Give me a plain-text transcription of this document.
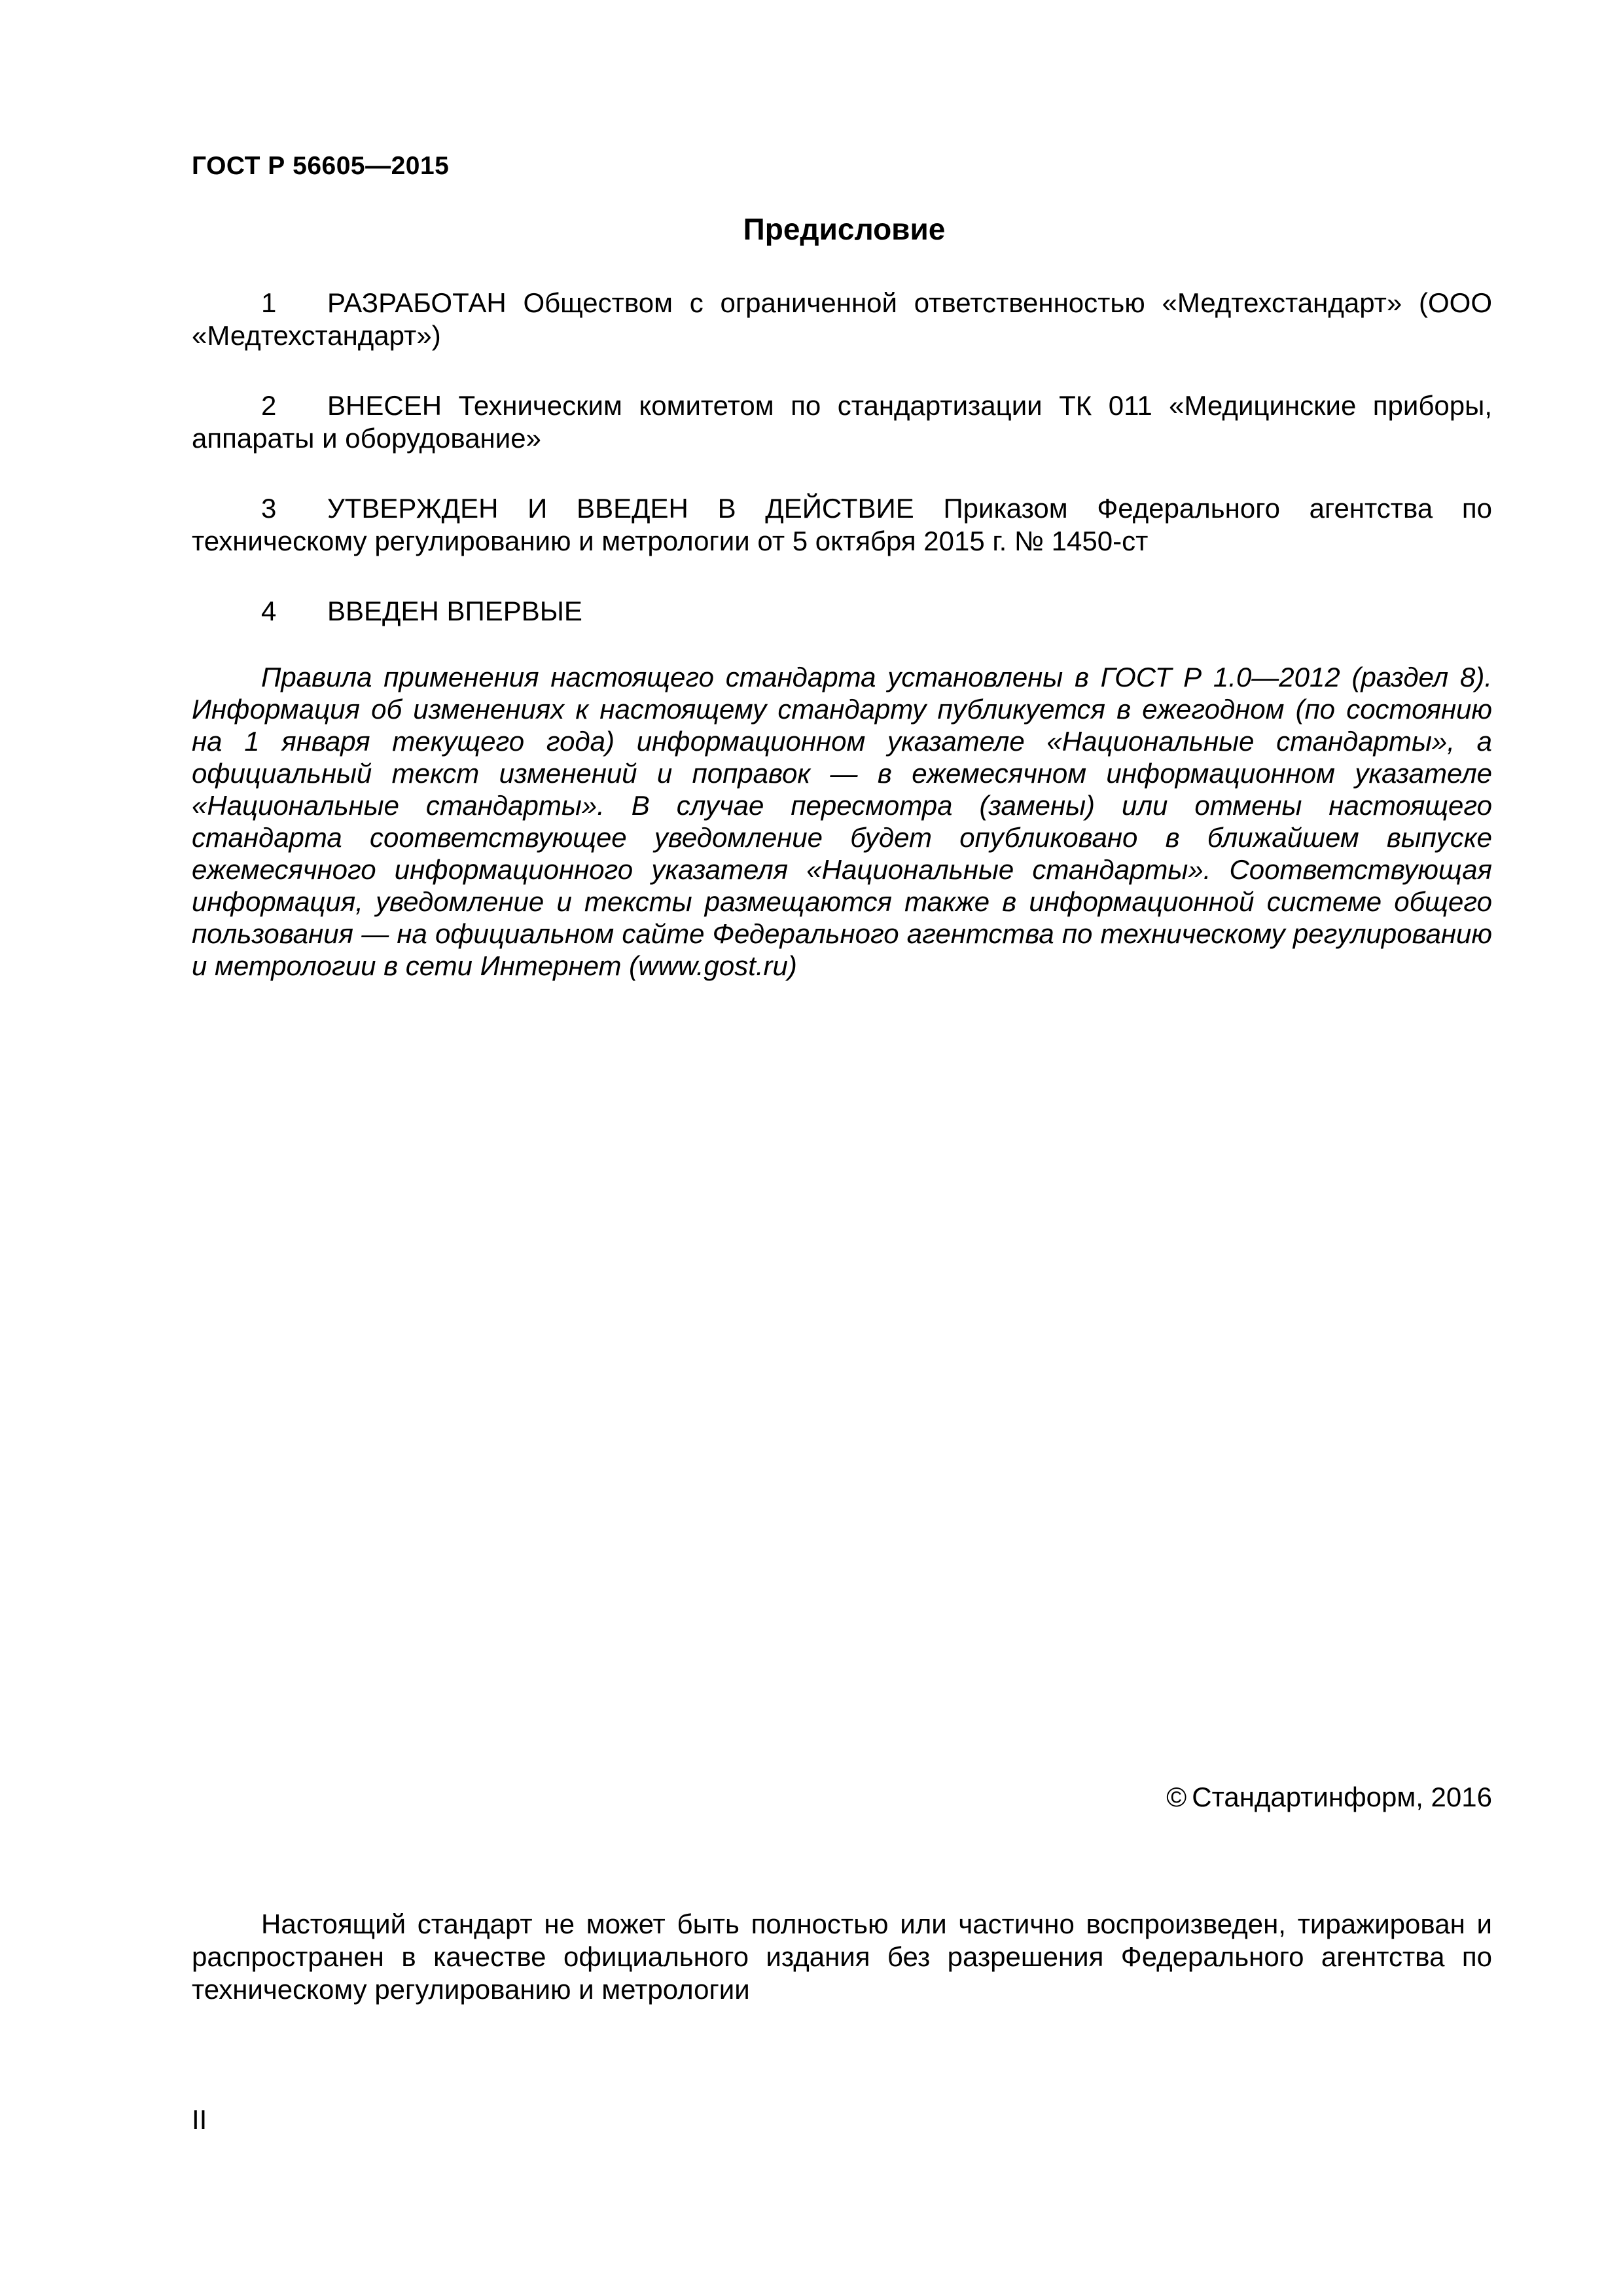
ГОСТ Р 56605—2015
Предисловие
1 РАЗРАБОТАН Обществом с ограниченной ответственностью «Медтехстандарт» (ООО «Медтехстандарт»)
2 ВНЕСЕН Техническим комитетом по стандартизации ТК 011 «Медицинские приборы, аппараты и оборудование»
3 УТВЕРЖДЕН И ВВЕДЕН В ДЕЙСТВИЕ Приказом Федерального агентства по техническому регулированию и метрологии от 5 октября 2015 г. № 1450-ст
4 ВВЕДЕН ВПЕРВЫЕ
Правила применения настоящего стандарта установлены в ГОСТ Р 1.0—2012 (раздел 8). Информация об изменениях к настоящему стандарту публикуется в ежегодном (по состоянию на 1 января текущего года) информационном указателе «Национальные стандарты», а официальный текст изменений и поправок — в ежемесячном информационном указателе «Национальные стандарты». В случае пересмотра (замены) или отмены настоящего стандарта соответствующее уведомление будет опубликовано в ближайшем выпуске ежемесячного информационного указателя «Национальные стандарты». Соответствующая информация, уведомление и тексты размещаются также в информационной системе общего пользования — на официальном сайте Федерального агентства по техническому регулированию и метрологии в сети Интернет (www.gost.ru)
© Стандартинформ, 2016
Настоящий стандарт не может быть полностью или частично воспроизведен, тиражирован и распространен в качестве официального издания без разрешения Федерального агентства по техническому регулированию и метрологии
II
